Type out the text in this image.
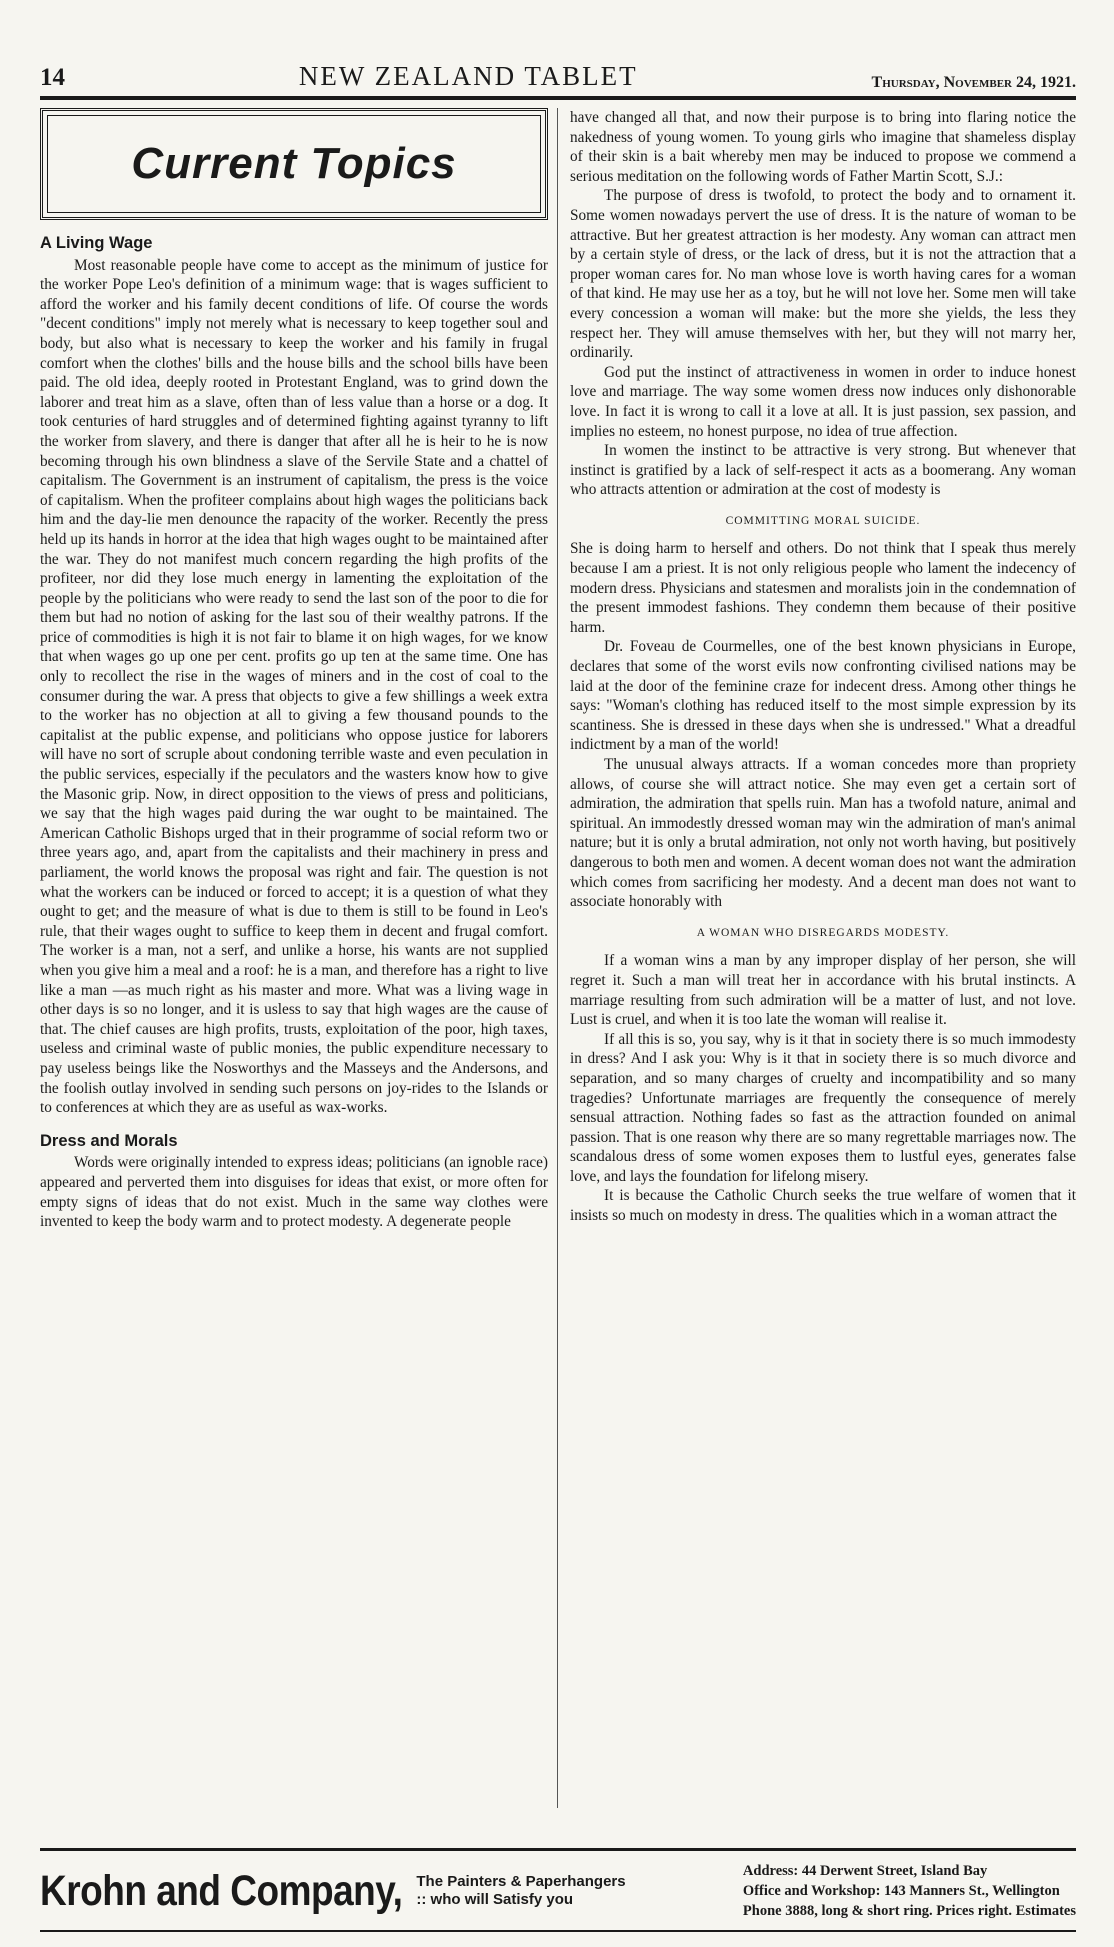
14	NEW ZEALAND TABLET	Thursday, November 24, 1921.
Current Topics
A Living Wage

Most reasonable people have come to accept as the minimum of justice for the worker Pope Leo's definition of a minimum wage: that is wages sufficient to afford the worker and his family decent conditions of life. Of course the words "decent conditions" imply not merely what is necessary to keep together soul and body, but also what is necessary to keep the worker and his family in frugal comfort when the clothes' bills and the house bills and the school bills have been paid. The old idea, deeply rooted in Protestant England, was to grind down the laborer and treat him as a slave, often than of less value than a horse or a dog. It took centuries of hard struggles and of determined fighting against tyranny to lift the worker from slavery, and there is danger that after all he is heir to he is now becoming through his own blindness a slave of the Servile State and a chattel of capitalism. The Government is an instrument of capitalism, the press is the voice of capitalism. When the profiteer complains about high wages the politicians back him and the day-lie men denounce the rapacity of the worker. Recently the press held up its hands in horror at the idea that high wages ought to be maintained after the war. They do not manifest much concern regarding the high profits of the profiteer, nor did they lose much energy in lamenting the exploitation of the people by the politicians who were ready to send the last son of the poor to die for them but had no notion of asking for the last sou of their wealthy patrons. If the price of commodities is high it is not fair to blame it on high wages, for we know that when wages go up one per cent. profits go up ten at the same time. One has only to recollect the rise in the wages of miners and in the cost of coal to the consumer during the war. A press that objects to give a few shillings a week extra to the worker has no objection at all to giving a few thousand pounds to the capitalist at the public expense, and politicians who oppose justice for laborers will have no sort of scruple about condoning terrible waste and even peculation in the public services, especially if the peculators and the wasters know how to give the Masonic grip. Now, in direct opposition to the views of press and politicians, we say that the high wages paid during the war ought to be maintained. The American Catholic Bishops urged that in their programme of social reform two or three years ago, and, apart from the capitalists and their machinery in press and parliament, the world knows the proposal was right and fair. The question is not what the workers can be induced or forced to accept; it is a question of what they ought to get; and the measure of what is due to them is still to be found in Leo's rule, that their wages ought to suffice to keep them in decent and frugal comfort. The worker is a man, not a serf, and unlike a horse, his wants are not supplied when you give him a meal and a roof: he is a man, and therefore has a right to live like a man —as much right as his master and more. What was a living wage in other days is so no longer, and it is usless to say that high wages are the cause of that. The chief causes are high profits, trusts, exploitation of the poor, high taxes, useless and criminal waste of public monies, the public expenditure necessary to pay useless beings like the Nosworthys and the Masseys and the Andersons, and the foolish outlay involved in sending such persons on joy-rides to the Islands or to conferences at which they are as useful as wax-works.

Dress and Morals

Words were originally intended to express ideas; politicians (an ignoble race) appeared and perverted them into disguises for ideas that exist, or more often for empty signs of ideas that do not exist. Much in the same way clothes were invented to keep the body warm and to protect modesty. A degenerate people

have changed all that, and now their purpose is to bring into flaring notice the nakedness of young women. To young girls who imagine that shameless display of their skin is a bait whereby men may be induced to propose we commend a serious meditation on the following words of Father Martin Scott, S.J.:

The purpose of dress is twofold, to protect the body and to ornament it. Some women nowadays pervert the use of dress. It is the nature of woman to be attractive. But her greatest attraction is her modesty. Any woman can attract men by a certain style of dress, or the lack of dress, but it is not the attraction that a proper woman cares for. No man whose love is worth having cares for a woman of that kind. He may use her as a toy, but he will not love her. Some men will take every concession a woman will make: but the more she yields, the less they respect her. They will amuse themselves with her, but they will not marry her, ordinarily.

God put the instinct of attractiveness in women in order to induce honest love and marriage. The way some women dress now induces only dishonorable love. In fact it is wrong to call it a love at all. It is just passion, sex passion, and implies no esteem, no honest purpose, no idea of true affection.

In women the instinct to be attractive is very strong. But whenever that instinct is gratified by a lack of self-respect it acts as a boomerang. Any woman who attracts attention or admiration at the cost of modesty is

COMMITTING MORAL SUICIDE.

She is doing harm to herself and others. Do not think that I speak thus merely because I am a priest. It is not only religious people who lament the indecency of modern dress. Physicians and statesmen and moralists join in the condemnation of the present immodest fashions. They condemn them because of their positive harm.

Dr. Foveau de Courmelles, one of the best known physicians in Europe, declares that some of the worst evils now confronting civilised nations may be laid at the door of the feminine craze for indecent dress. Among other things he says: "Woman's clothing has reduced itself to the most simple expression by its scantiness. She is dressed in these days when she is undressed." What a dreadful indictment by a man of the world!

The unusual always attracts. If a woman concedes more than propriety allows, of course she will attract notice. She may even get a certain sort of admiration, the admiration that spells ruin. Man has a twofold nature, animal and spiritual. An immodestly dressed woman may win the admiration of man's animal nature; but it is only a brutal admiration, not only not worth having, but positively dangerous to both men and women. A decent woman does not want the admiration which comes from sacrificing her modesty. And a decent man does not want to associate honorably with

A WOMAN WHO DISREGARDS MODESTY.

If a woman wins a man by any improper display of her person, she will regret it. Such a man will treat her in accordance with his brutal instincts. A marriage resulting from such admiration will be a matter of lust, and not love. Lust is cruel, and when it is too late the woman will realise it.

If all this is so, you say, why is it that in society there is so much immodesty in dress? And I ask you: Why is it that in society there is so much divorce and separation, and so many charges of cruelty and incompatibility and so many tragedies? Unfortunate marriages are frequently the consequence of merely sensual attraction. Nothing fades so fast as the attraction founded on animal passion. That is one reason why there are so many regrettable marriages now. The scandalous dress of some women exposes them to lustful eyes, generates false love, and lays the foundation for lifelong misery.

It is because the Catholic Church seeks the true welfare of women that it insists so much on modesty in dress. The qualities which in a woman attract the

Krohn and Company, The Painters & Paperhangers
:: who will Satisfy you
Address: 44 Derwent Street, Island Bay
Office and Workshop: 143 Manners St., Wellington
Phone 3888, long & short ring. Prices right. Estimates
